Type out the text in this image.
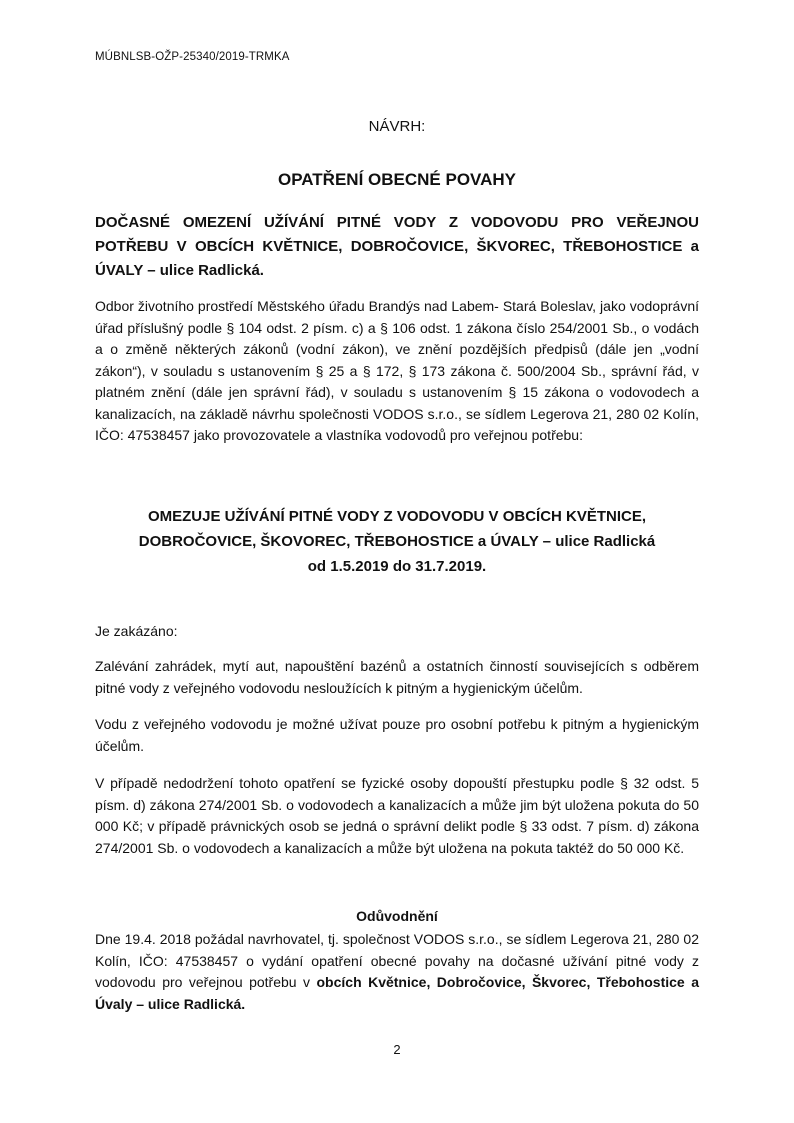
MÚBNLSB-OŽP-25340/2019-TRMKA
NÁVRH:
OPATŘENÍ OBECNÉ POVAHY
DOČASNÉ OMEZENÍ UŽÍVÁNÍ PITNÉ VODY Z VODOVODU PRO VEŘEJNOU POTŘEBU V OBCÍCH KVĚTNICE, DOBROČOVICE, ŠKVOREC, TŘEBOHOSTICE a ÚVALY – ulice Radlická.
Odbor životního prostředí Městského úřadu Brandýs nad Labem- Stará Boleslav, jako vodoprávní úřad příslušný podle § 104 odst. 2 písm. c) a § 106 odst. 1 zákona číslo 254/2001 Sb., o vodách a o změně některých zákonů (vodní zákon), ve znění pozdějších předpisů (dále jen „vodní zákon“), v souladu s ustanovením § 25 a § 172, § 173 zákona č. 500/2004 Sb., správní řád, v platném znění (dále jen správní řád), v souladu s ustanovením § 15 zákona o vodovodech a kanalizacích, na základě návrhu společnosti VODOS s.r.o., se sídlem Legerova 21, 280 02 Kolín, IČO: 47538457 jako provozovatele a vlastníka vodovodů pro veřejnou potřebu:
OMEZUJE UŽÍVÁNÍ PITNÉ VODY Z VODOVODU V OBCÍCH KVĚTNICE,
DOBROČOVICE, ŠKOVOREC, TŘEBOHOSTICE a ÚVALY – ulice Radlická
od 1.5.2019 do 31.7.2019.
Je zakázáno:
Zalévání zahrádek, mytí aut, napouštění bazénů a ostatních činností souvisejících s odběrem pitné vody z veřejného vodovodu nesloužících k pitným a hygienickým účelům.
Vodu z veřejného vodovodu je možné užívat pouze pro osobní potřebu k pitným a hygienickým účelům.
V případě nedodržení tohoto opatření se fyzické osoby dopouští přestupku podle § 32 odst. 5 písm. d) zákona 274/2001 Sb. o vodovodech a kanalizacích a může jim být uložena pokuta do 50 000 Kč; v případě právnických osob se jedná o správní delikt podle § 33 odst. 7 písm. d) zákona 274/2001 Sb. o vodovodech a kanalizacích a může být uložena na pokuta taktéž do 50 000 Kč.
Odůvodnění
Dne 19.4. 2018 požádal navrhovatel, tj. společnost VODOS s.r.o., se sídlem Legerova 21, 280 02 Kolín, IČO: 47538457 o vydání opatření obecné povahy na dočasné užívání pitné vody z vodovodu pro veřejnou potřebu v obcích Květnice, Dobročovice, Škvorec, Třebohostice a Úvaly – ulice Radlická.
2
